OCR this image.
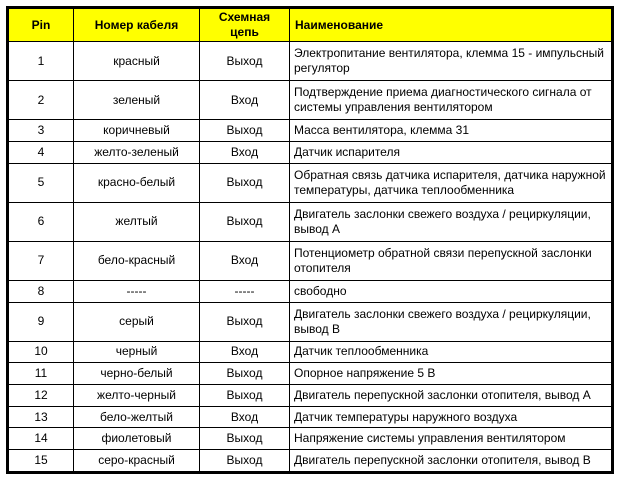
Pin	Номер кабеля	Схемная цепь	Наименование
1	красный	Выход	Электропитание вентилятора, клемма 15 - импульсный регулятор
2	зеленый	Вход	Подтверждение приема диагностического сигнала от системы управления вентилятором
3	коричневый	Выход	Масса вентилятора, клемма 31
4	желто-зеленый	Вход	Датчик испарителя
5	красно-белый	Выход	Обратная связь датчика испарителя, датчика наружной температуры, датчика теплообменника
6	желтый	Выход	Двигатель заслонки свежего воздуха / рециркуляции, вывод А
7	бело-красный	Вход	Потенциометр обратной связи перепускной заслонки отопителя
8	-----	-----	свободно
9	серый	Выход	Двигатель заслонки свежего воздуха / рециркуляции, вывод В
10	черный	Вход	Датчик теплообменника
11	черно-белый	Выход	Опорное напряжение 5 В
12	желто-черный	Выход	Двигатель перепускной заслонки отопителя, вывод А
13	бело-желтый	Вход	Датчик температуры наружного воздуха
14	фиолетовый	Выход	Напряжение системы управления вентилятором
15	серо-красный	Выход	Двигатель перепускной заслонки отопителя, вывод В
